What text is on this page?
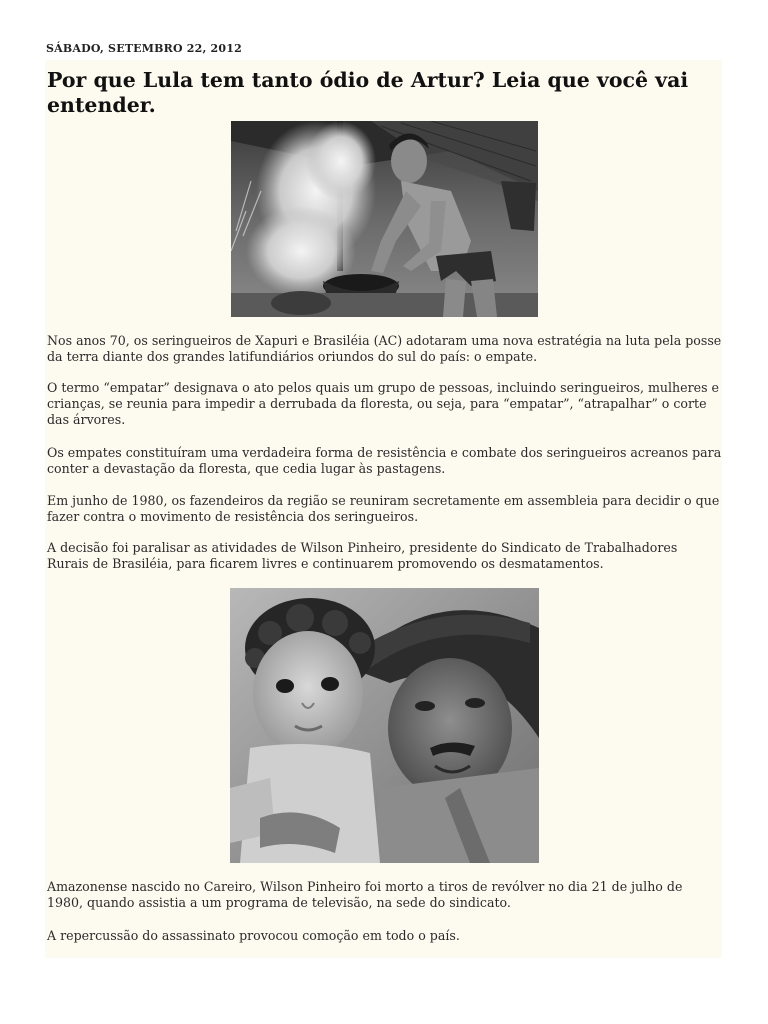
SÁBADO, SETEMBRO 22, 2012
Por que Lula tem tanto ódio de Artur? Leia que você vai entender.

Nos anos 70, os seringueiros de Xapuri e Brasiléia (AC) adotaram uma nova estratégia na luta pela posse da terra diante dos grandes latifundiários oriundos do sul do país: o empate.

O termo “empatar” designava o ato pelos quais um grupo de pessoas, incluindo seringueiros, mulheres e crianças, se reunia para impedir a derrubada da floresta, ou seja, para “empatar”, “atrapalhar” o corte das árvores.

Os empates constituíram uma verdadeira forma de resistência e combate dos seringueiros acreanos para conter a devastação da floresta, que cedia lugar às pastagens.

Em junho de 1980, os fazendeiros da região se reuniram secretamente em assembleia para decidir o que fazer contra o movimento de resistência dos seringueiros.

A decisão foi paralisar as atividades de Wilson Pinheiro, presidente do Sindicato de Trabalhadores Rurais de Brasiléia, para ficarem livres e continuarem promovendo os desmatamentos.

Amazonense nascido no Careiro, Wilson Pinheiro foi morto a tiros de revólver no dia 21 de julho de 1980, quando assistia a um programa de televisão, na sede do sindicato.

A repercussão do assassinato provocou comoção em todo o país.
